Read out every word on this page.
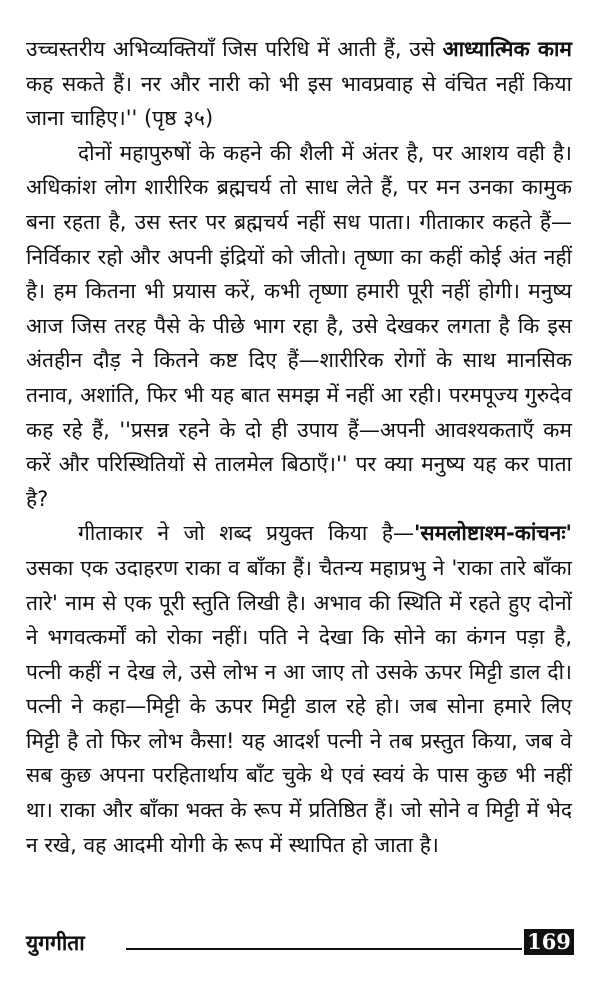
उच्चस्तरीय अभिव्यक्तियाँ जिस परिधि में आती हैं, उसे आध्यात्मिक काम कह सकते हैं। नर और नारी को भी इस भावप्रवाह से वंचित नहीं किया जाना चाहिए।'' (पृष्ठ ३५)

दोनों महापुरुषों के कहने की शैली में अंतर है, पर आशय वही है। अधिकांश लोग शारीरिक ब्रह्मचर्य तो साध लेते हैं, पर मन उनका कामुक बना रहता है, उस स्तर पर ब्रह्मचर्य नहीं सध पाता। गीताकार कहते हैं—निर्विकार रहो और अपनी इंद्रियों को जीतो। तृष्णा का कहीं कोई अंत नहीं है। हम कितना भी प्रयास करें, कभी तृष्णा हमारी पूरी नहीं होगी। मनुष्य आज जिस तरह पैसे के पीछे भाग रहा है, उसे देखकर लगता है कि इस अंतहीन दौड़ ने कितने कष्ट दिए हैं—शारीरिक रोगों के साथ मानसिक तनाव, अशांति, फिर भी यह बात समझ में नहीं आ रही। परमपूज्य गुरुदेव कह रहे हैं, ''प्रसन्न रहने के दो ही उपाय हैं—अपनी आवश्यकताएँ कम करें और परिस्थितियों से तालमेल बिठाएँ।'' पर क्या मनुष्य यह कर पाता है?

गीताकार ने जो शब्द प्रयुक्त किया है—'समलोष्टाश्म-कांचनः' उसका एक उदाहरण राका व बाँका हैं। चैतन्य महाप्रभु ने 'राका तारे बाँका तारे' नाम से एक पूरी स्तुति लिखी है। अभाव की स्थिति में रहते हुए दोनों ने भगवत्कर्मों को रोका नहीं। पति ने देखा कि सोने का कंगन पड़ा है, पत्नी कहीं न देख ले, उसे लोभ न आ जाए तो उसके ऊपर मिट्टी डाल दी। पत्नी ने कहा—मिट्टी के ऊपर मिट्टी डाल रहे हो। जब सोना हमारे लिए मिट्टी है तो फिर लोभ कैसा! यह आदर्श पत्नी ने तब प्रस्तुत किया, जब वे सब कुछ अपना परहितार्थाय बाँट चुके थे एवं स्वयं के पास कुछ भी नहीं था। राका और बाँका भक्त के रूप में प्रतिष्ठित हैं। जो सोने व मिट्टी में भेद न रखे, वह आदमी योगी के रूप में स्थापित हो जाता है।

युगगीता	169
